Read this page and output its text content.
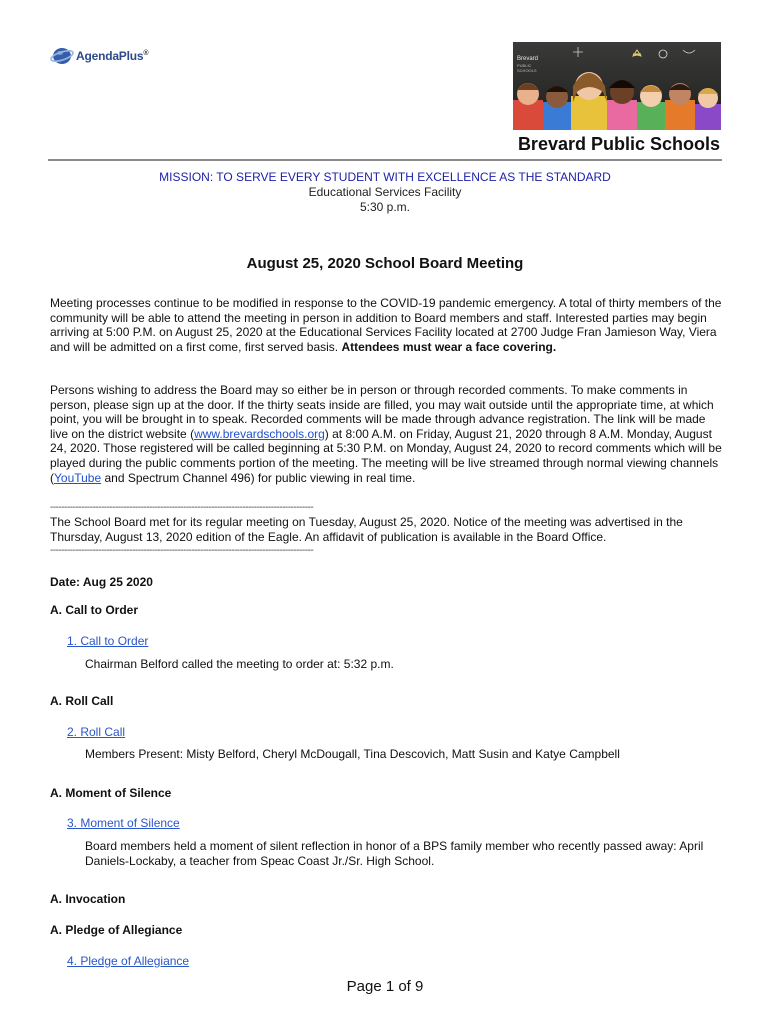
AgendaPlus®
Brevard
PUBLIC
SCHOOLS
Brevard Public Schools
MISSION: TO SERVE EVERY STUDENT WITH EXCELLENCE AS THE STANDARD
Educational Services Facility
5:30 p.m.
August 25, 2020 School Board Meeting
Meeting processes continue to be modified in response to the COVID-19 pandemic emergency. A total of thirty members of the community will be able to attend the meeting in person in addition to Board members and staff. Interested parties may begin arriving at 5:00 P.M. on August 25, 2020 at the Educational Services Facility located at 2700 Judge Fran Jamieson Way, Viera and will be admitted on a first come, first served basis. Attendees must wear a face covering.
Persons wishing to address the Board may so either be in person or through recorded comments. To make comments in person, please sign up at the door. If the thirty seats inside are filled, you may wait outside until the appropriate time, at which point, you will be brought in to speak. Recorded comments will be made through advance registration. The link will be made live on the district website (www.brevardschools.org) at 8:00 A.M. on Friday, August 21, 2020 through 8 A.M. Monday, August 24, 2020. Those registered will be called beginning at 5:30 P.M. on Monday, August 24, 2020 to record comments which will be played during the public comments portion of the meeting. The meeting will be live streamed through normal viewing channels (YouTube and Spectrum Channel 496) for public viewing in real time.
---------------------------------------------------------------------------------------------
The School Board met for its regular meeting on Tuesday, August 25, 2020. Notice of the meeting was advertised in the Thursday, August 13, 2020 edition of the Eagle. An affidavit of publication is available in the Board Office.
---------------------------------------------------------------------------------------------
Date: Aug 25 2020
A. Call to Order
1. Call to Order
Chairman Belford called the meeting to order at: 5:32 p.m.
A. Roll Call
2. Roll Call
Members Present: Misty Belford, Cheryl McDougall, Tina Descovich, Matt Susin and Katye Campbell
A. Moment of Silence
3. Moment of Silence
Board members held a moment of silent reflection in honor of a BPS family member who recently passed away: April Daniels-Lockaby, a teacher from Speac Coast Jr./Sr. High School.
A. Invocation
A. Pledge of Allegiance
4. Pledge of Allegiance
Page 1 of 9
